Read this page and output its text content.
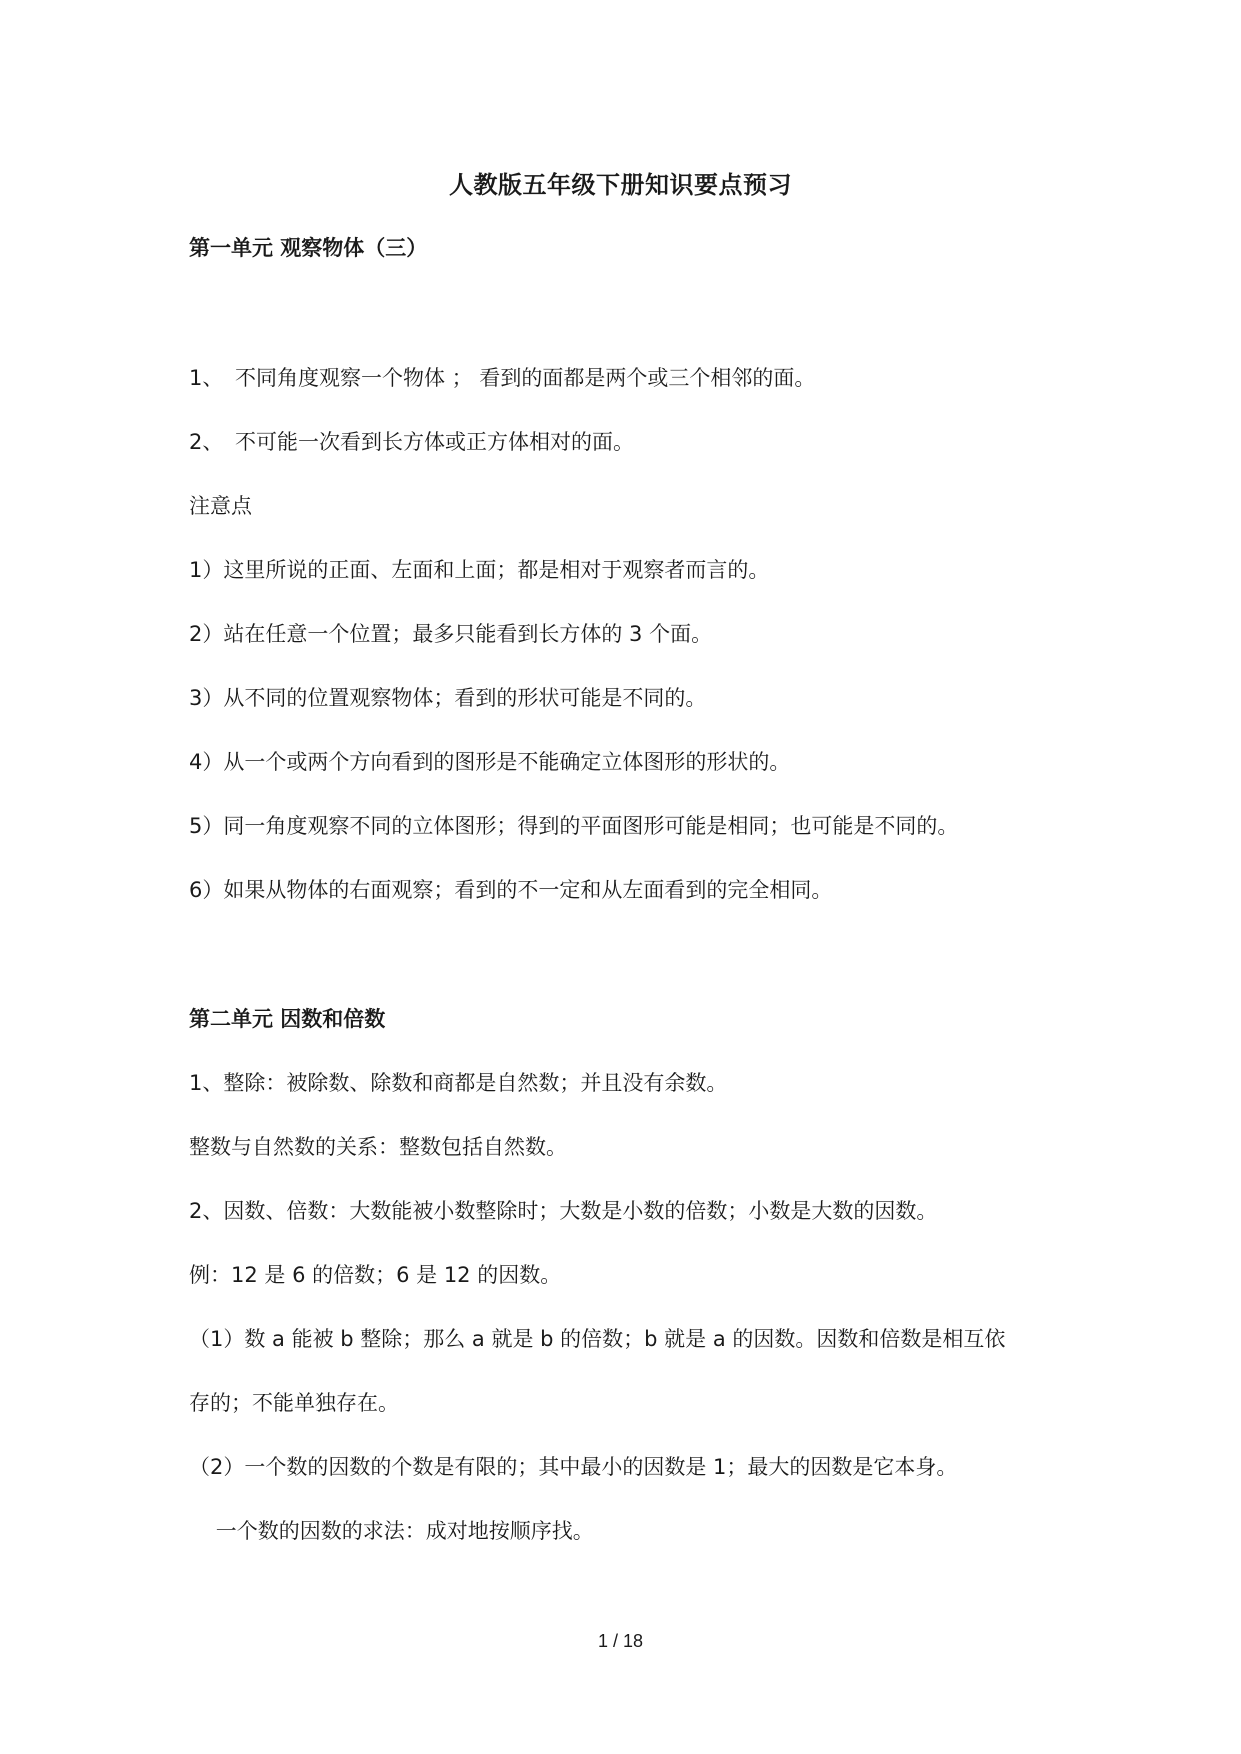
人教版五年级下册知识要点预习
第一单元 观察物体（三）
1、 不同角度观察一个物体 ； 看到的面都是两个或三个相邻的面。
2、 不可能一次看到长方体或正方体相对的面。
注意点
1）这里所说的正面、左面和上面；都是相对于观察者而言的。
2）站在任意一个位置；最多只能看到长方体的 3 个面。
3）从不同的位置观察物体；看到的形状可能是不同的。
4）从一个或两个方向看到的图形是不能确定立体图形的形状的。
5）同一角度观察不同的立体图形；得到的平面图形可能是相同；也可能是不同的。
6）如果从物体的右面观察；看到的不一定和从左面看到的完全相同。
第二单元 因数和倍数
1、整除：被除数、除数和商都是自然数；并且没有余数。
整数与自然数的关系：整数包括自然数。
2、因数、倍数：大数能被小数整除时；大数是小数的倍数；小数是大数的因数。
例：12 是 6 的倍数；6 是 12 的因数。
（1）数 a 能被 b 整除；那么 a 就是 b 的倍数；b 就是 a 的因数。因数和倍数是相互依
存的；不能单独存在。
（2）一个数的因数的个数是有限的；其中最小的因数是 1；最大的因数是它本身。
一个数的因数的求法：成对地按顺序找。
1 / 18
